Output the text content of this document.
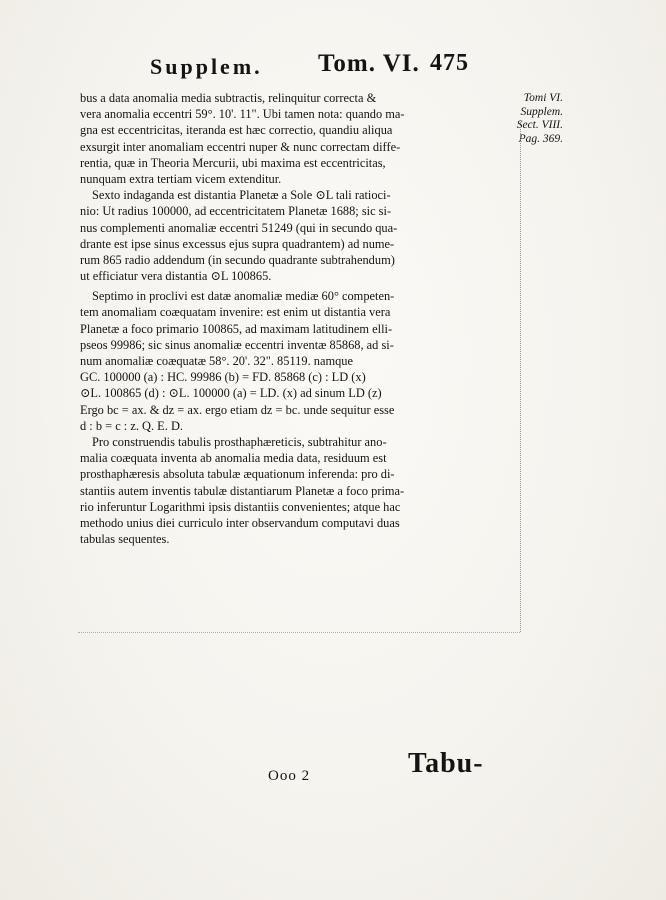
Supplem. Tom. VI. 475
Tomi VI.
Supplem.
Sect. VIII.
Pag. 369.
bus a data anomalia media subtractis, relinquitur correcta &
vera anomalia eccentri 59°. 10'. 11". Ubi tamen nota: quando ma-
gna est eccentricitas, iteranda est hæc correctio, quandiu aliqua
exsurgit inter anomaliam eccentri nuper & nunc correctam diffe-
rentia, quæ in Theoria Mercurii, ubi maxima est eccentricitas,
nunquam extra tertiam vicem extenditur.
Sexto indaganda est distantia Planetæ a Sole ⊙L tali ratioci-
nio: Ut radius 100000, ad eccentricitatem Planetæ 1688; sic si-
nus complementi anomaliæ eccentri 51249 (qui in secundo qua-
drante est ipse sinus excessus ejus supra quadrantem) ad nume-
rum 865 radio addendum (in secundo quadrante subtrahendum)
ut efficiatur vera distantia ⊙L 100865.
Septimo in proclivi est datæ anomaliæ mediæ 60° competen-
tem anomaliam coæquatam invenire: est enim ut distantia vera
Planetæ a foco primario 100865, ad maximam latitudinem elli-
pseos 99986; sic sinus anomaliæ eccentri inventæ 85868, ad si-
num anomaliæ coæquatæ 58°. 20'. 32". 85119. namque
GC. 100000 (a) : HC. 99986 (b) = FD. 85868 (c) : LD (x)
⊙L. 100865 (d) : ⊙L. 100000 (a) = LD. (x) ad sinum LD (z)
Ergo bc = ax. & dz = ax. ergo etiam dz = bc. unde sequitur esse
d : b = c : z. Q. E. D.
Pro construendis tabulis prosthaphæreticis, subtrahitur ano-
malia coæquata inventa ab anomalia media data, residuum est
prosthaphæresis absoluta tabulæ æquationum inferenda: pro di-
stantiis autem inventis tabulæ distantiarum Planetæ a foco prima-
rio inferuntur Logarithmi ipsis distantiis convenientes; atque hac
methodo unius diei curriculo inter observandum computavi duas
tabulas sequentes.
Ooo 2	Tabu-
